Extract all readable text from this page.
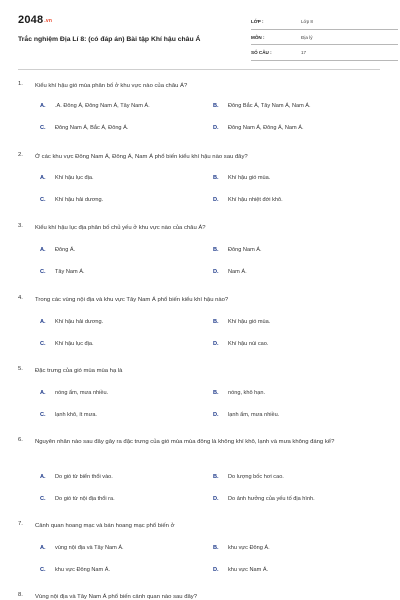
2048.vn
Trắc nghiệm Địa Lí 8: (có đáp án) Bài tập Khí hậu châu Á
LỚP :	Lớp 8
MÔN :	Địa lý
SỐ CÂU :	17
1. Kiểu khí hậu gió mùa phân bố ở khu vực nào của châu Á?
A. .A. Đông Á, Đông Nam Á, Tây Nam Á.	B. Đông Bắc Á, Tây Nam Á, Nam Á.
C. Đông Nam Á, Bắc Á, Đông Á.	D. Đông Nam Á, Đông Á, Nam Á.
2. Ở các khu vực Đông Nam Á, Đông Á, Nam Á phổ biến kiểu khí hậu nào sau đây?
A. Khí hậu lục địa.	B. Khí hậu gió mùa.
C. Khí hậu hải dương.	D. Khí hậu nhiệt đới khô.
3. Kiểu khí hậu lục địa phân bố chủ yếu ở khu vực nào của châu Á?
A. Đông Á.	B. Đông Nam Á.
C. Tây Nam Á.	D. Nam Á.
4. Trong các vùng nội địa và khu vực Tây Nam Á phổ biến kiểu khí hậu nào?
A. Khí hậu hải dương.	B. Khí hậu gió mùa.
C. Khí hậu lục địa.	D. Khí hậu núi cao.
5. Đặc trưng của gió mùa mùa hạ là
A. nóng ẩm, mưa nhiều.	B. nóng, khô hạn.
C. lạnh khô, ít mưa.	D. lạnh ẩm, mưa nhiều.
6. Nguyên nhân nào sau đây gây ra đặc trưng của gió mùa mùa đông là không khí khô, lạnh và mưa không đáng kể?
A. Do gió từ biển thổi vào.	B. Do lượng bốc hơi cao.
C. Do gió từ nội địa thổi ra.	D. Do ảnh hưởng của yếu tố địa hình.
7. Cảnh quan hoang mạc và bán hoang mạc phổ biến ở
A. vùng nội địa và Tây Nam Á.	B. khu vực Đông Á.
C. khu vực Đông Nam Á.	D. khu vực Nam Á.
8. Vùng nội địa và Tây Nam Á phổ biến cảnh quan nào sau đây?
